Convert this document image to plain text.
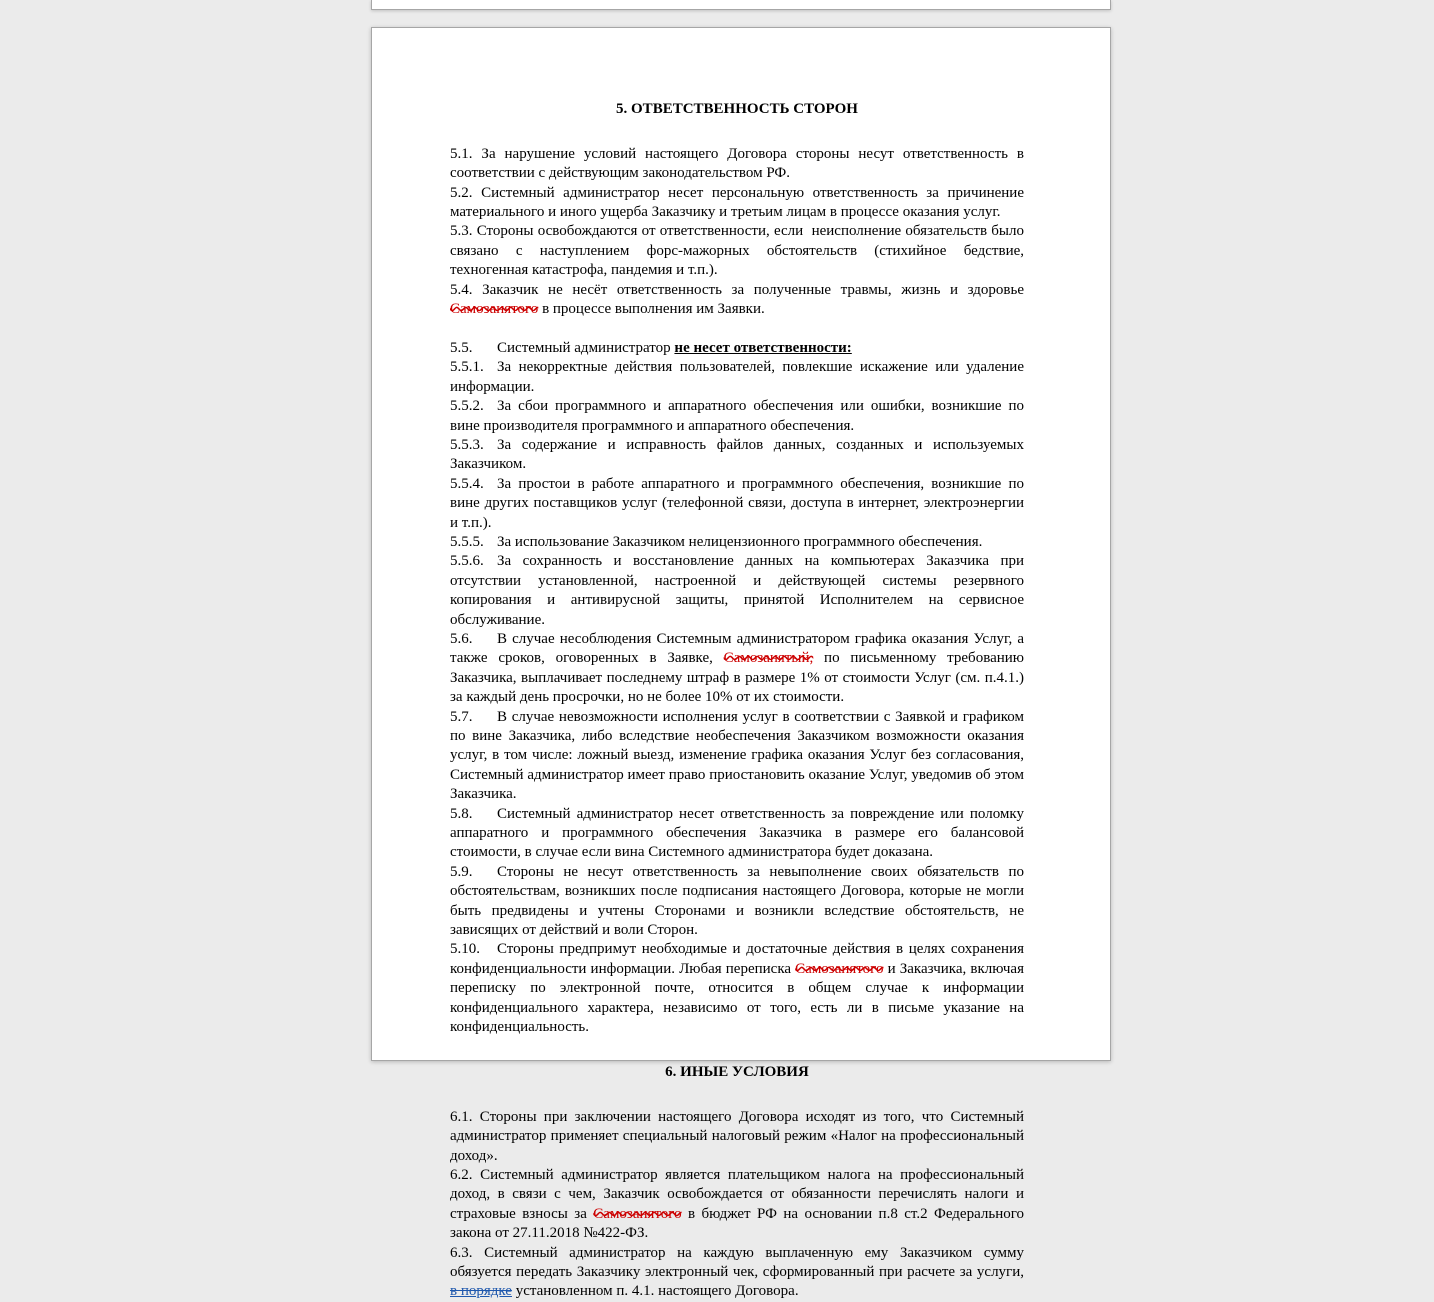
5. ОТВЕТСТВЕННОСТЬ СТОРОН

5.1. За нарушение условий настоящего Договора стороны несут ответственность в соответствии с действующим законодательством РФ.

5.2. Системный администратор несет персональную ответственность за причинение материального и иного ущерба Заказчику и третьим лицам в процессе оказания услуг.

5.3. Стороны освобождаются от ответственности, если  неисполнение обязательств было связано с наступлением форс-мажорных обстоятельств (стихийное бедствие, техногенная катастрофа, пандемия и т.п.).

5.4. Заказчик не несёт ответственность за полученные травмы, жизнь и здоровье Самозанятого в процессе выполнения им Заявки.

5.5. Системный администратор не несет ответственности:

5.5.1. За некорректные действия пользователей, повлекшие искажение или удаление информации.

5.5.2. За сбои программного и аппаратного обеспечения или ошибки, возникшие по вине производителя программного и аппаратного обеспечения.

5.5.3. За содержание и исправность файлов данных, созданных и используемых Заказчиком.

5.5.4. За простои в работе аппаратного и программного обеспечения, возникшие по вине других поставщиков услуг (телефонной связи, доступа в интернет, электроэнергии и т.п.).

5.5.5. За использование Заказчиком нелицензионного программного обеспечения.

5.5.6. За сохранность и восстановление данных на компьютерах Заказчика при отсутствии установленной, настроенной и действующей системы резервного копирования и антивирусной защиты, принятой Исполнителем на сервисное обслуживание.

5.6. В случае несоблюдения Системным администратором графика оказания Услуг, а также сроков, оговоренных в Заявке, Самозанятый, по письменному требованию Заказчика, выплачивает последнему штраф в размере 1% от стоимости Услуг (см. п.4.1.) за каждый день просрочки, но не более 10% от их стоимости.

5.7. В случае невозможности исполнения услуг в соответствии с Заявкой и графиком по вине Заказчика, либо вследствие необеспечения Заказчиком возможности оказания услуг, в том числе: ложный выезд, изменение графика оказания Услуг без согласования, Системный администратор имеет право приостановить оказание Услуг, уведомив об этом Заказчика.

5.8. Системный администратор несет ответственность за повреждение или поломку аппаратного и программного обеспечения Заказчика в размере его балансовой стоимости, в случае если вина Системного администратора будет доказана.

5.9. Стороны не несут ответственность за невыполнение своих обязательств по обстоятельствам, возникших после подписания настоящего Договора, которые не могли быть предвидены и учтены Сторонами и возникли вследствие обстоятельств, не зависящих от действий и воли Сторон.

5.10. Стороны предпримут необходимые и достаточные действия в целях сохранения конфиденциальности информации. Любая переписка Самозанятого и Заказчика, включая переписку по электронной почте, относится в общем случае к информации конфиденциального характера, независимо от того, есть ли в письме указание на конфиденциальность.

6. ИНЫЕ УСЛОВИЯ

6.1. Стороны при заключении настоящего Договора исходят из того, что Системный администратор применяет специальный налоговый режим «Налог на профессиональный доход».

6.2. Системный администратор является плательщиком налога на профессиональный доход, в связи с чем, Заказчик освобождается от обязанности перечислять налоги и страховые взносы за Самозанятого в бюджет РФ на основании п.8 ст.2 Федерального закона от 27.11.2018 №422-ФЗ.

6.3. Системный администратор на каждую выплаченную ему Заказчиком сумму обязуется передать Заказчику электронный чек, сформированный при расчете за услуги, в порядке установленном п. 4.1. настоящего Договора.
